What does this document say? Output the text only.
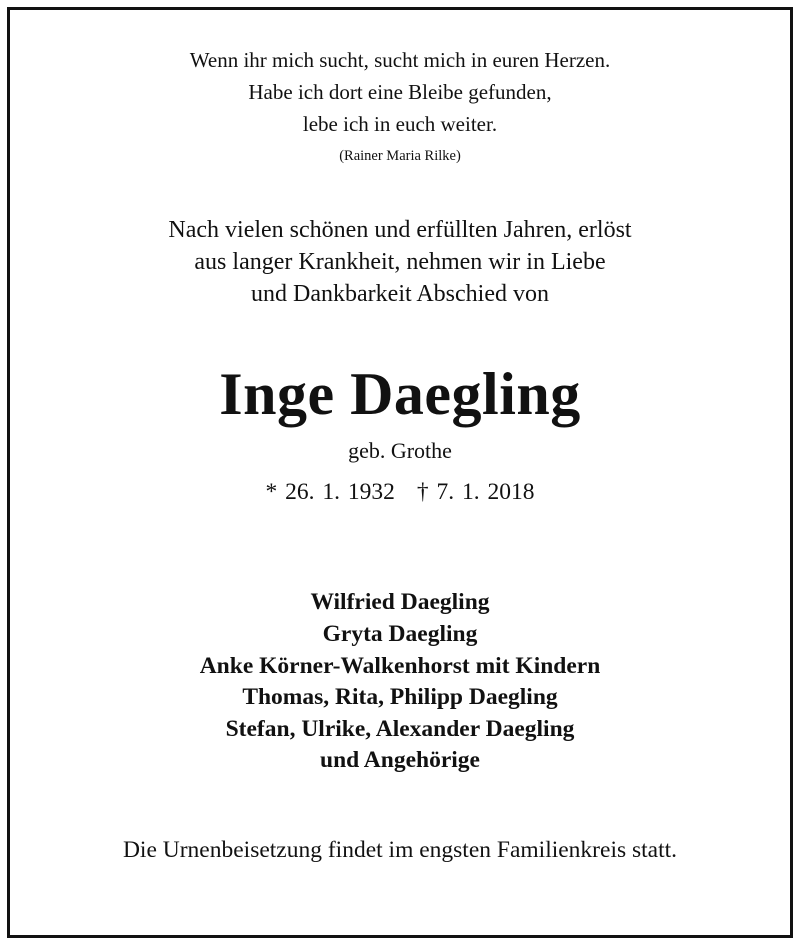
Wenn ihr mich sucht, sucht mich in euren Herzen.
Habe ich dort eine Bleibe gefunden,
lebe ich in euch weiter.
(Rainer Maria Rilke)
Nach vielen schönen und erfüllten Jahren, erlöst
aus langer Krankheit, nehmen wir in Liebe
und Dankbarkeit Abschied von
Inge Daegling
geb. Grothe
* 26. 1. 1932 † 7. 1. 2018
Wilfried Daegling
Gryta Daegling
Anke Körner-Walkenhorst mit Kindern
Thomas, Rita, Philipp Daegling
Stefan, Ulrike, Alexander Daegling
und Angehörige
Die Urnenbeisetzung findet im engsten Familienkreis statt.
